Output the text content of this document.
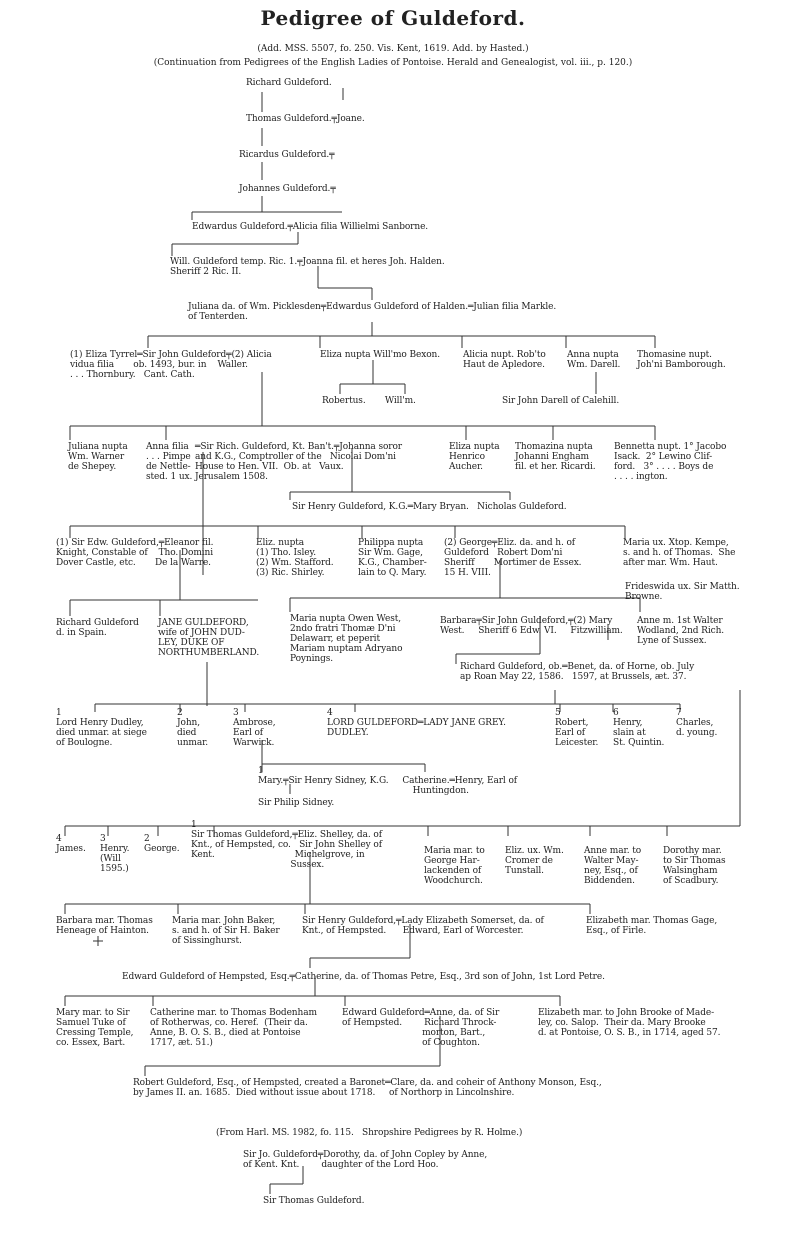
Pedigree of Guldeford.
(Add. MSS. 5507, fo. 250. Vis. Kent, 1619. Add. by Hasted.)
(Continuation from Pedigrees of the English Ladies of Pontoise. Herald and Genealogist, vol. iii., p. 120.)
Richard Guldeford.
Thomas Guldeford.╤Joane.
Ricardus Guldeford.╤
Johannes Guldeford.╤
Edwardus Guldeford.╤Alicia filia Willielmi Sanborne.
Will. Guldeford temp. Ric. 1.╤Joanna fil. et heres Joh. Halden.
Sheriff 2 Ric. II.
Juliana da. of Wm. Picklesden╤Edwardus Guldeford of Halden.═Julian filia Markle.
of Tenterden.
(1) Eliza Tyrrel═Sir John Guldeford╤(2) Alicia
vidua filia       ob. 1493, bur. in    Waller.
. . . Thornbury.   Cant. Cath.
Eliza nupta Will'mo Bexon.	Alicia nupt. Rob'to
Haut de Apledore.
Anna nupta
Wm. Darell.
Thomasine nupt.
Joh'ni Bamborough.
Robertus.       Will'm.	Sir John Darell of Calehill.
Juliana nupta
Wm. Warner
de Shepey.
Anna filia
. . . Pimpe
de Nettle-
sted. 1 ux.
═Sir Rich. Guldeford, Kt. Ban't.╤Johanna soror
and K.G., Comptroller of the   Nicolai Dom'ni
House to Hen. VII.  Ob. at   Vaux.
Jerusalem 1508.
Eliza nupta
Henrico
Aucher.
Thomazina nupta
Johanni Engham
fil. et her. Ricardi.
Bennetta nupt. 1° Jacobo
Isack.  2° Lewino Clif-
ford.   3° . . . . Boys de
. . . . ington.
Sir Henry Guldeford, K.G.═Mary Bryan.   Nicholas Guldeford.
(1) Sir Edw. Guldeford,╤Eleanor fil.
Knight, Constable of    Tho. Domini
Dover Castle, etc.       De la Warre.
Eliz. nupta
(1) Tho. Isley.
(2) Wm. Stafford.
(3) Ric. Shirley.
Philippa nupta
Sir Wm. Gage,
K.G., Chamber-
lain to Q. Mary.
(2) George╤Eliz. da. and h. of
Guldeford   Robert Dom'ni
Sheriff       Mortimer de Essex.
15 H. VIII.
Maria ux. Xtop. Kempe,
s. and h. of Thomas.  She
after mar. Wm. Haut.
Frideswida ux. Sir Matth.
Browne.
Richard Guldeford
d. in Spain.
JANE GULDEFORD,
wife of JOHN DUD-
LEY, DUKE OF
NORTHUMBERLAND.
Maria nupta Owen West,
2ndo fratri Thomæ D'ni
Delawarr, et peperit
Mariam nuptam Adryano
Poynings.
Barbara╤Sir John Guldeford,╤(2) Mary
West.     Sheriff 6 Edw. VI.     Fitzwilliam.
Anne m. 1st Walter
Wodland, 2nd Rich.
Lyne of Sussex.
Richard Guldeford, ob.═Benet, da. of Horne, ob. July
ap Roan May 22, 1586.   1597, at Brussels, æt. 37.
1
Lord Henry Dudley,
died unmar. at siege
of Boulogne.
2
John,
died
unmar.
3
Ambrose,
Earl of
Warwick.
4
LORD GULDEFORD═LADY JANE GREY.
DUDLEY.
5
Robert,
Earl of
Leicester.
6
Henry,
slain at
St. Quintin.
7
Charles,
d. young.
1
Mary.╤Sir Henry Sidney, K.G.     Catherine.═Henry, Earl of
Huntingdon.
Sir Philip Sidney.
4
James.
3
Henry.
(Will
1595.)
2
George.
1
Sir Thomas Guldeford,╤Eliz. Shelley, da. of
Knt., of Hempsted, co.   Sir John Shelley of
Kent.                             Michelgrove, in
Sussex.
Maria mar. to
George Har-
lackenden of
Woodchurch.
Eliz. ux. Wm.
Cromer de
Tunstall.
Anne mar. to
Walter May-
ney, Esq., of
Biddenden.
Dorothy mar.
to Sir Thomas
Walsingham
of Scadbury.
Barbara mar. Thomas
Heneage of Hainton.
Maria mar. John Baker,
s. and h. of Sir H. Baker
of Sissinghurst.
Sir Henry Guldeford,╤Lady Elizabeth Somerset, da. of
Knt., of Hempsted.      Edward, Earl of Worcester.
Elizabeth mar. Thomas Gage,
Esq., of Firle.
Edward Guldeford of Hempsted, Esq.╤Catherine, da. of Thomas Petre, Esq., 3rd son of John, 1st Lord Petre.
Mary mar. to Sir
Samuel Tuke of
Cressing Temple,
co. Essex, Bart.
Catherine mar. to Thomas Bodenham
of Rotherwas, co. Heref.  (Their da.
Anne, B. O. S. B., died at Pontoise
1717, æt. 51.)
Edward Guldeford═Anne, da. of Sir
of Hempsted.        Richard Throck-
morton, Bart.,
of Coughton.
Elizabeth mar. to John Brooke of Made-
ley, co. Salop.  Their da. Mary Brooke
d. at Pontoise, O. S. B., in 1714, aged 57.
Robert Guldeford, Esq., of Hempsted, created a Baronet═Clare, da. and coheir of Anthony Monson, Esq.,
by James II. an. 1685.  Died without issue about 1718.     of Northorp in Lincolnshire.
(From Harl. MS. 1982, fo. 115.   Shropshire Pedigrees by R. Holme.)
Sir Jo. Guldeford╤Dorothy, da. of John Copley by Anne,
of Kent. Knt.        daughter of the Lord Hoo.
Sir Thomas Guldeford.
